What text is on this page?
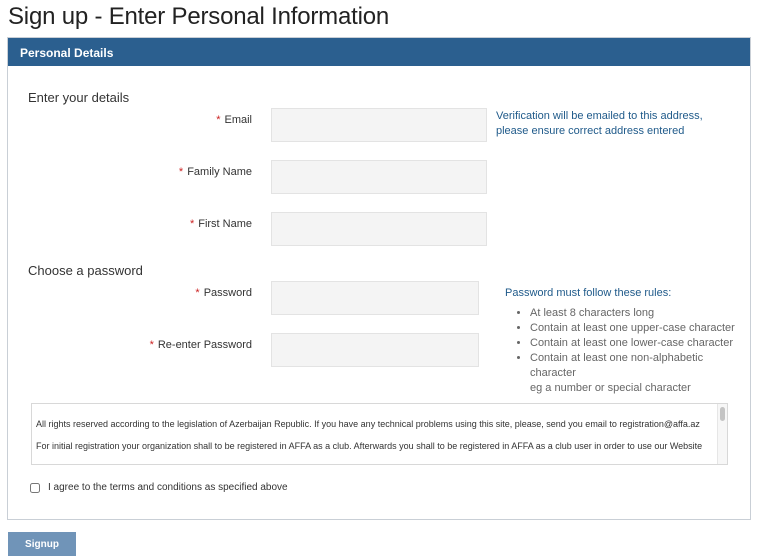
Sign up - Enter Personal Information
Personal Details
Enter your details
* Email	Verification will be emailed to this address,
please ensure correct address entered
* Family Name
* First Name
Choose a password
* Password
* Re-enter Password
Password must follow these rules:
• At least 8 characters long
• Contain at least one upper-case character
• Contain at least one lower-case character
• Contain at least one non-alphabetic character
eg a number or special character
All rights reserved according to the legislation of Azerbaijan Republic. If you have any technical problems using this site, please, send you email to registration@affa.az
For initial registration your organization shall to be registered in AFFA as a club. Afterwards you shall to be registered in AFFA as a club user in order to use our Website
I agree to the terms and conditions as specified above
Signup
